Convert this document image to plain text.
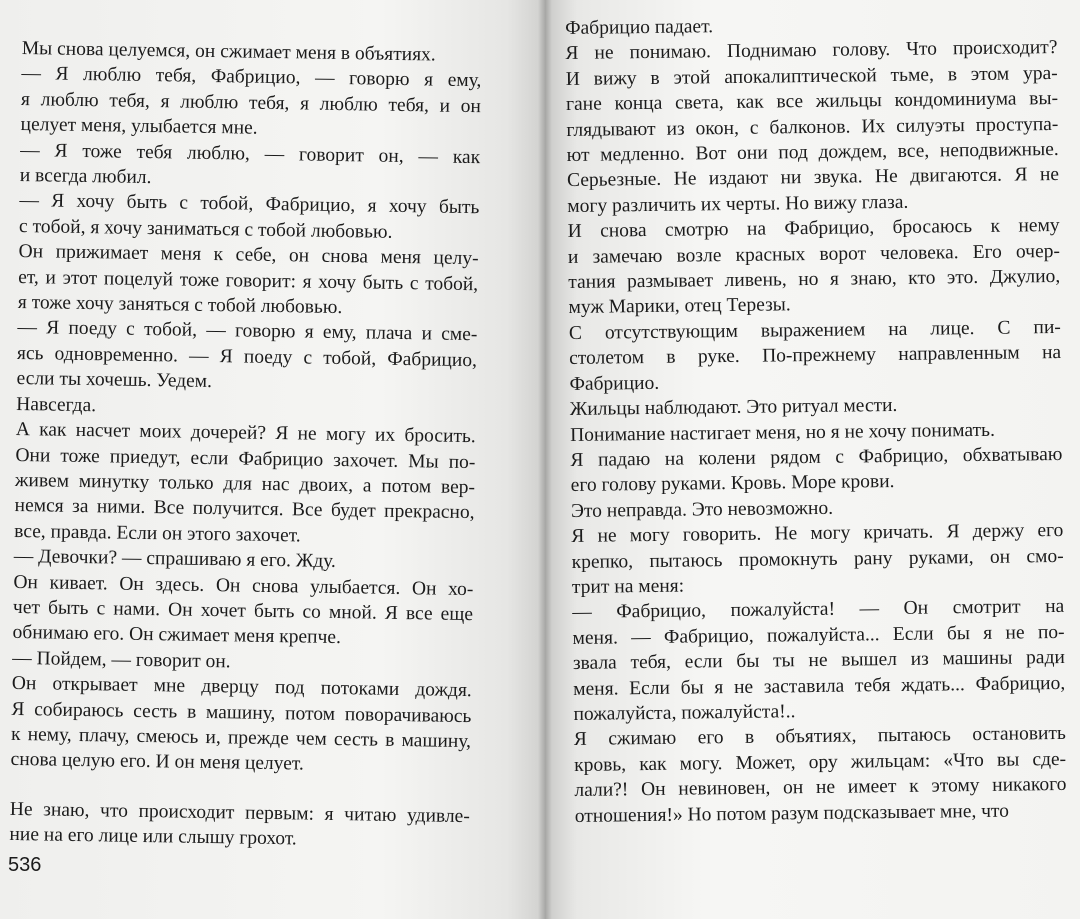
Мы снова целуемся, он сжимает меня в объятиях.
— Я люблю тебя, Фабрицио, — говорю я ему,
я люблю тебя, я люблю тебя, я люблю тебя, и он
целует меня, улыбается мне.
— Я тоже тебя люблю, — говорит он, — как
и всегда любил.
— Я хочу быть с тобой, Фабрицио, я хочу быть
с тобой, я хочу заниматься с тобой любовью.
Он прижимает меня к себе, он снова меня целу-
ет, и этот поцелуй тоже говорит: я хочу быть с тобой,
я тоже хочу заняться с тобой любовью.
— Я поеду с тобой, — говорю я ему, плача и сме-
ясь одновременно. — Я поеду с тобой, Фабрицио,
если ты хочешь. Уедем.
Навсегда.
А как насчет моих дочерей? Я не могу их бросить.
Они тоже приедут, если Фабрицио захочет. Мы по-
живем минутку только для нас двоих, а потом вер-
немся за ними. Все получится. Все будет прекрасно,
все, правда. Если он этого захочет.
— Девочки? — спрашиваю я его. Жду.
Он кивает. Он здесь. Он снова улыбается. Он хо-
чет быть с нами. Он хочет быть со мной. Я все еще
обнимаю его. Он сжимает меня крепче.
— Пойдем, — говорит он.
Он открывает мне дверцу под потоками дождя.
Я собираюсь сесть в машину, потом поворачиваюсь
к нему, плачу, смеюсь и, прежде чем сесть в машину,
снова целую его. И он меня целует.
Не знаю, что происходит первым: я читаю удивле-
ние на его лице или слышу грохот.
536
Фабрицио падает.
Я не понимаю. Поднимаю голову. Что происходит?
И вижу в этой апокалиптической тьме, в этом ура-
гане конца света, как все жильцы кондоминиума вы-
глядывают из окон, с балконов. Их силуэты проступа-
ют медленно. Вот они под дождем, все, неподвижные.
Серьезные. Не издают ни звука. Не двигаются. Я не
могу различить их черты. Но вижу глаза.
И снова смотрю на Фабрицио, бросаюсь к нему
и замечаю возле красных ворот человека. Его очер-
тания размывает ливень, но я знаю, кто это. Джулио,
муж Марики, отец Терезы.
С отсутствующим выражением на лице. С пи-
столетом в руке. По-прежнему направленным на
Фабрицио.
Жильцы наблюдают. Это ритуал мести.
Понимание настигает меня, но я не хочу понимать.
Я падаю на колени рядом с Фабрицио, обхватываю
его голову руками. Кровь. Море крови.
Это неправда. Это невозможно.
Я не могу говорить. Не могу кричать. Я держу его
крепко, пытаюсь промокнуть рану руками, он смо-
трит на меня:
— Фабрицио, пожалуйста! — Он смотрит на
меня. — Фабрицио, пожалуйста... Если бы я не по-
звала тебя, если бы ты не вышел из машины ради
меня. Если бы я не заставила тебя ждать... Фабрицио,
пожалуйста, пожалуйста!..
Я сжимаю его в объятиях, пытаюсь остановить
кровь, как могу. Может, ору жильцам: «Что вы сде-
лали?! Он невиновен, он не имеет к этому никакого
отношения!» Но потом разум подсказывает мне, что
